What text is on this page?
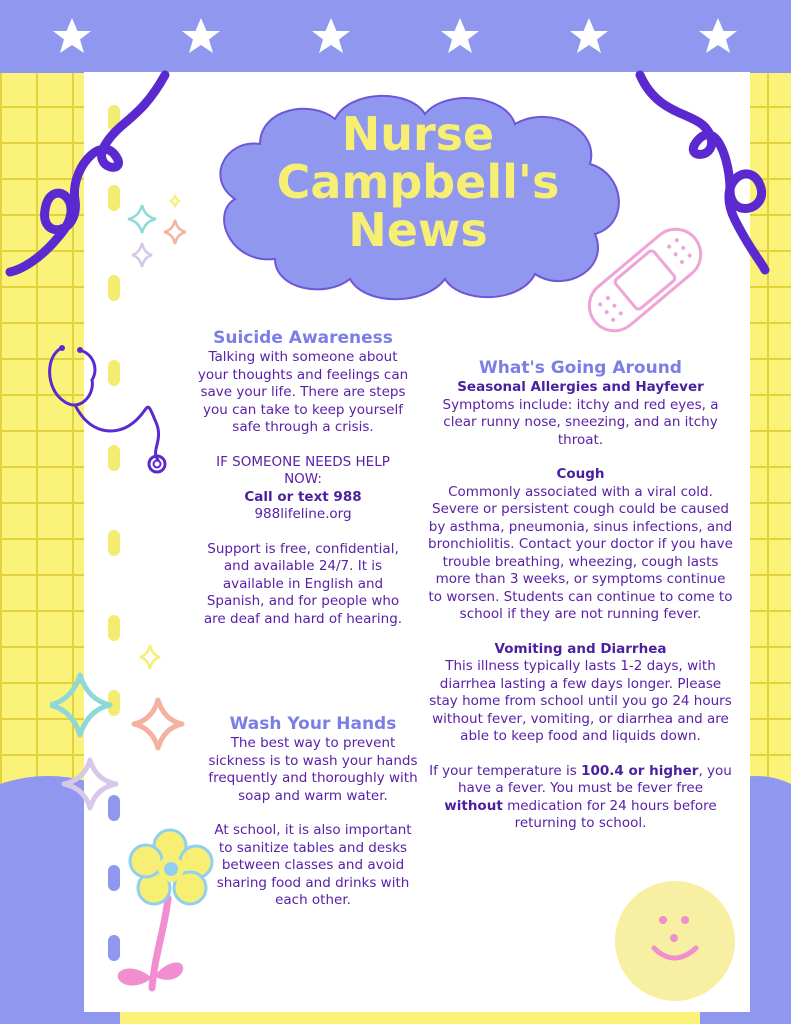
Nurse
Campbell's
News

Suicide Awareness

Talking with someone about your thoughts and feelings can save your life. There are steps you can take to keep yourself safe through a crisis.

IF SOMEONE NEEDS HELP NOW:

Call or text 988

988lifeline.org

Support is free, confidential, and available 24/7. It is available in English and Spanish, and for people who are deaf and hard of hearing.

Wash Your Hands

The best way to prevent sickness is to wash your hands frequently and thoroughly with soap and warm water.

At school, it is also important to sanitize tables and desks between classes and avoid sharing food and drinks with each other.

What's Going Around

Seasonal Allergies and Hayfever

Symptoms include: itchy and red eyes, a clear runny nose, sneezing, and an itchy throat.

Cough

Commonly associated with a viral cold. Severe or persistent cough could be caused by asthma, pneumonia, sinus infections, and bronchiolitis. Contact your doctor if you have trouble breathing, wheezing, cough lasts more than 3 weeks, or symptoms continue to worsen. Students can continue to come to school if they are not running fever.

Vomiting and Diarrhea

This illness typically lasts 1-2 days, with diarrhea lasting a few days longer. Please stay home from school until you go 24 hours without fever, vomiting, or diarrhea and are able to keep food and liquids down.

If your temperature is 100.4 or higher, you have a fever. You must be fever free without medication for 24 hours before returning to school.
